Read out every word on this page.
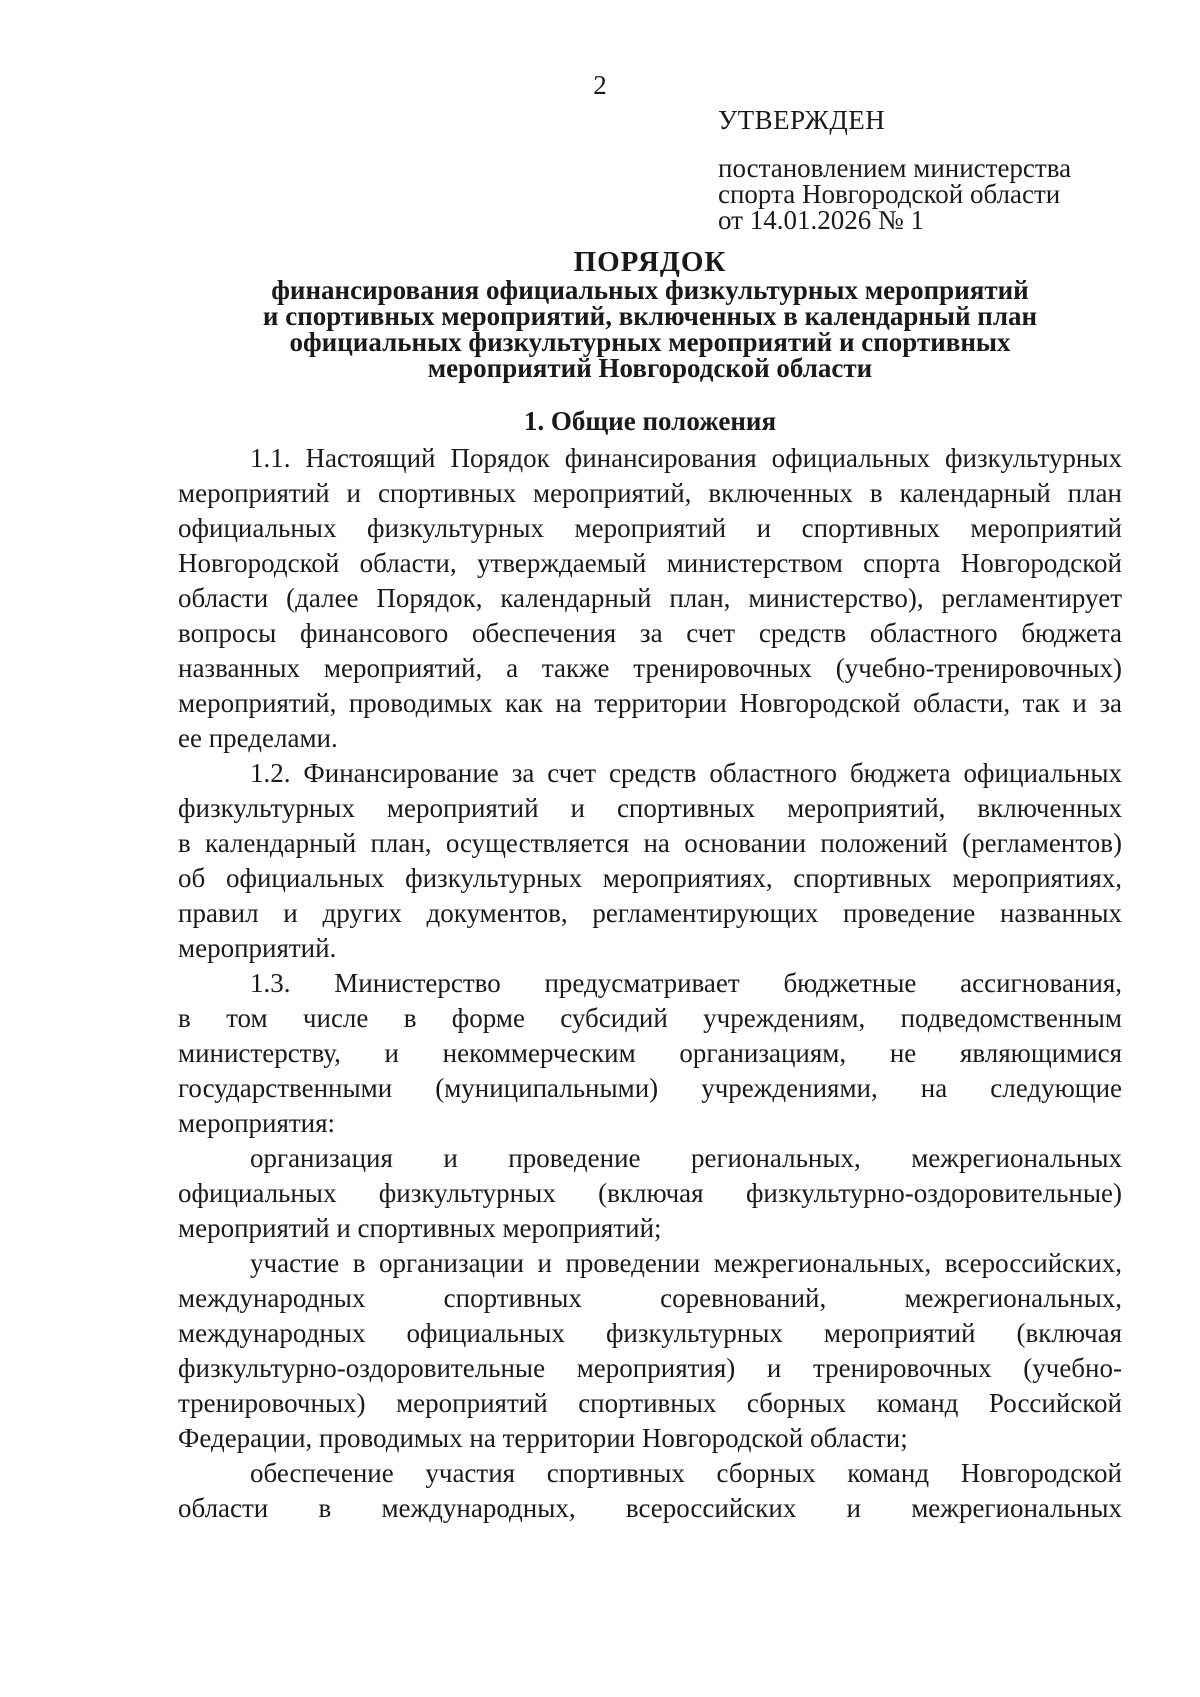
2
УТВЕРЖДЕН
постановлением министерства
спорта Новгородской области
от 14.01.2026 № 1
ПОРЯДОК
финансирования официальных физкультурных мероприятий
и спортивных мероприятий, включенных в календарный план
официальных физкультурных мероприятий и спортивных
мероприятий Новгородской области
1. Общие положения
1.1. Настоящий Порядок финансирования официальных физкультурных
мероприятий и спортивных мероприятий, включенных в календарный план
официальных физкультурных мероприятий и спортивных мероприятий
Новгородской области, утверждаемый министерством спорта Новгородской
области (далее Порядок, календарный план, министерство), регламентирует
вопросы финансового обеспечения за счет средств областного бюджета
названных мероприятий, а также тренировочных (учебно-тренировочных)
мероприятий, проводимых как на территории Новгородской области, так и за
ее пределами.
1.2. Финансирование за счет средств областного бюджета официальных
физкультурных мероприятий и спортивных мероприятий, включенных
в календарный план, осуществляется на основании положений (регламентов)
об официальных физкультурных мероприятиях, спортивных мероприятиях,
правил и других документов, регламентирующих проведение названных
мероприятий.
1.3. Министерство предусматривает бюджетные ассигнования,
в том числе в форме субсидий учреждениям, подведомственным
министерству, и некоммерческим организациям, не являющимися
государственными (муниципальными) учреждениями, на следующие
мероприятия:
организация и проведение региональных, межрегиональных
официальных физкультурных (включая физкультурно-оздоровительные)
мероприятий и спортивных мероприятий;
участие в организации и проведении межрегиональных, всероссийских,
международных спортивных соревнований, межрегиональных,
международных официальных физкультурных мероприятий (включая
физкультурно-оздоровительные мероприятия) и тренировочных (учебно-
тренировочных) мероприятий спортивных сборных команд Российской
Федерации, проводимых на территории Новгородской области;
обеспечение участия спортивных сборных команд Новгородской
области в международных, всероссийских и межрегиональных
